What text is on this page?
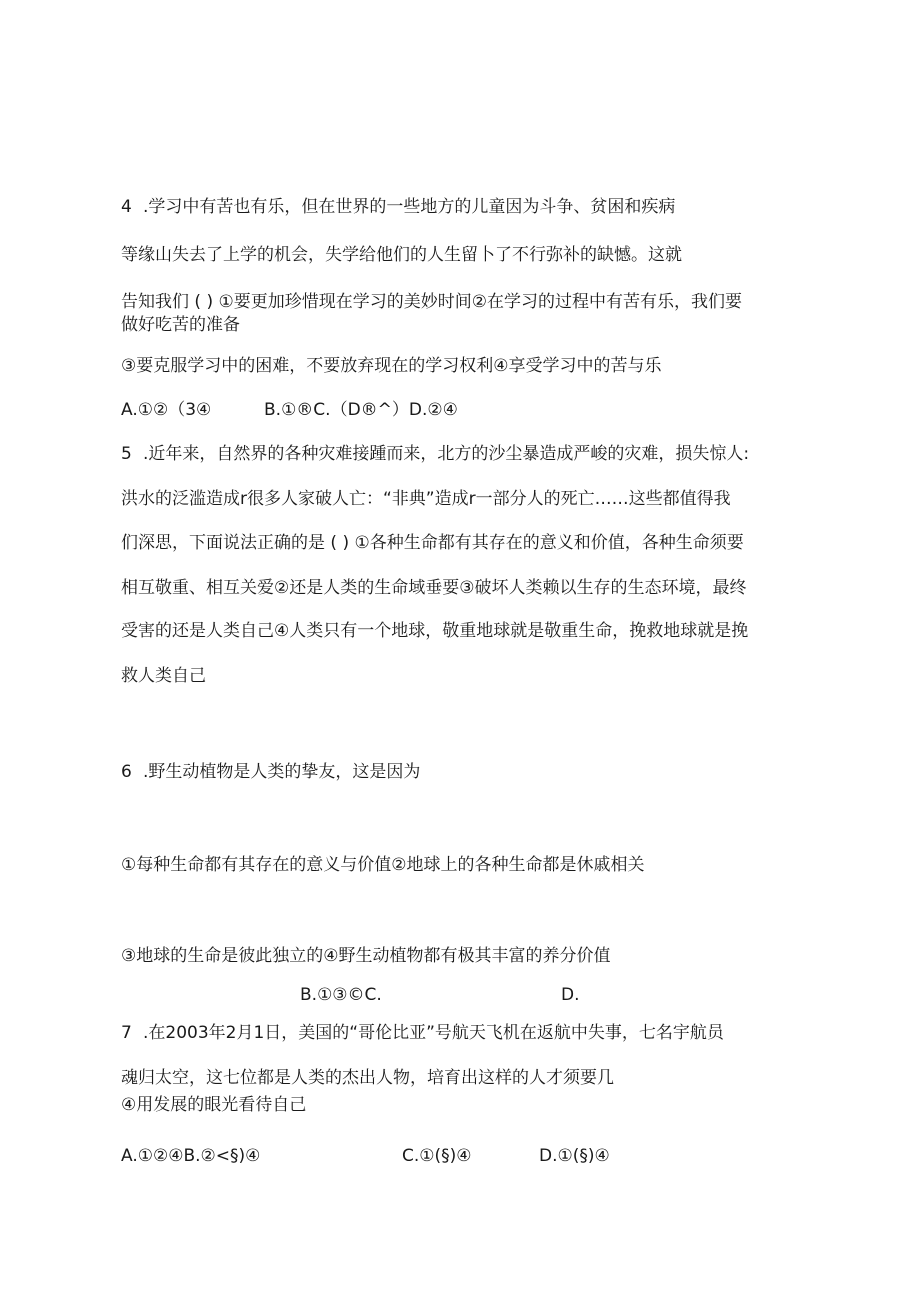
4 .学习中有苦也有乐，但在世界的一些地方的儿童因为斗争、贫困和疾病
等缘山失去了上学的机会，失学给他们的人生留卜了不行弥补的缺憾。这就
告知我们 ( ) ①要更加珍惜现在学习的美妙时间②在学习的过程中有苦有乐，我们要
做好吃苦的准备
③要克服学习中的困难，不要放弃现在的学习权利④享受学习中的苦与乐
A.①②（3④	B.①®C.（D®^）D.②④
5 .近年来，自然界的各种灾难接踵而来，北方的沙尘暴造成严峻的灾难，损失惊人:
洪水的泛滥造成r很多人家破人亡：“非典”造成r一部分人的死亡……这些都值得我
们深思，下面说法正确的是 ( ) ①各种生命都有其存在的意义和价值，各种生命须要
相互敬重、相互关爱②还是人类的生命域垂要③破坏人类赖以生存的生态环境，最终
受害的还是人类自己④人类只有一个地球，敬重地球就是敬重生命，挽救地球就是挽
救人类自己
6 .野生动植物是人类的挚友，这是因为
①每种生命都有其存在的意义与价值②地球上的各种生命都是休戚相关
③地球的生命是彼此独立的④野生动植物都有极其丰富的养分价值
B.①③©C.	D.
7 .在2003年2月1日，美国的“哥伦比亚”号航天飞机在返航中失事，七名宇航员
魂归太空，这七位都是人类的杰出人物，培育出这样的人才须要几
④用发展的眼光看待自己
A.①②④B.②<§)④	C.①(§)④	D.①(§)④
